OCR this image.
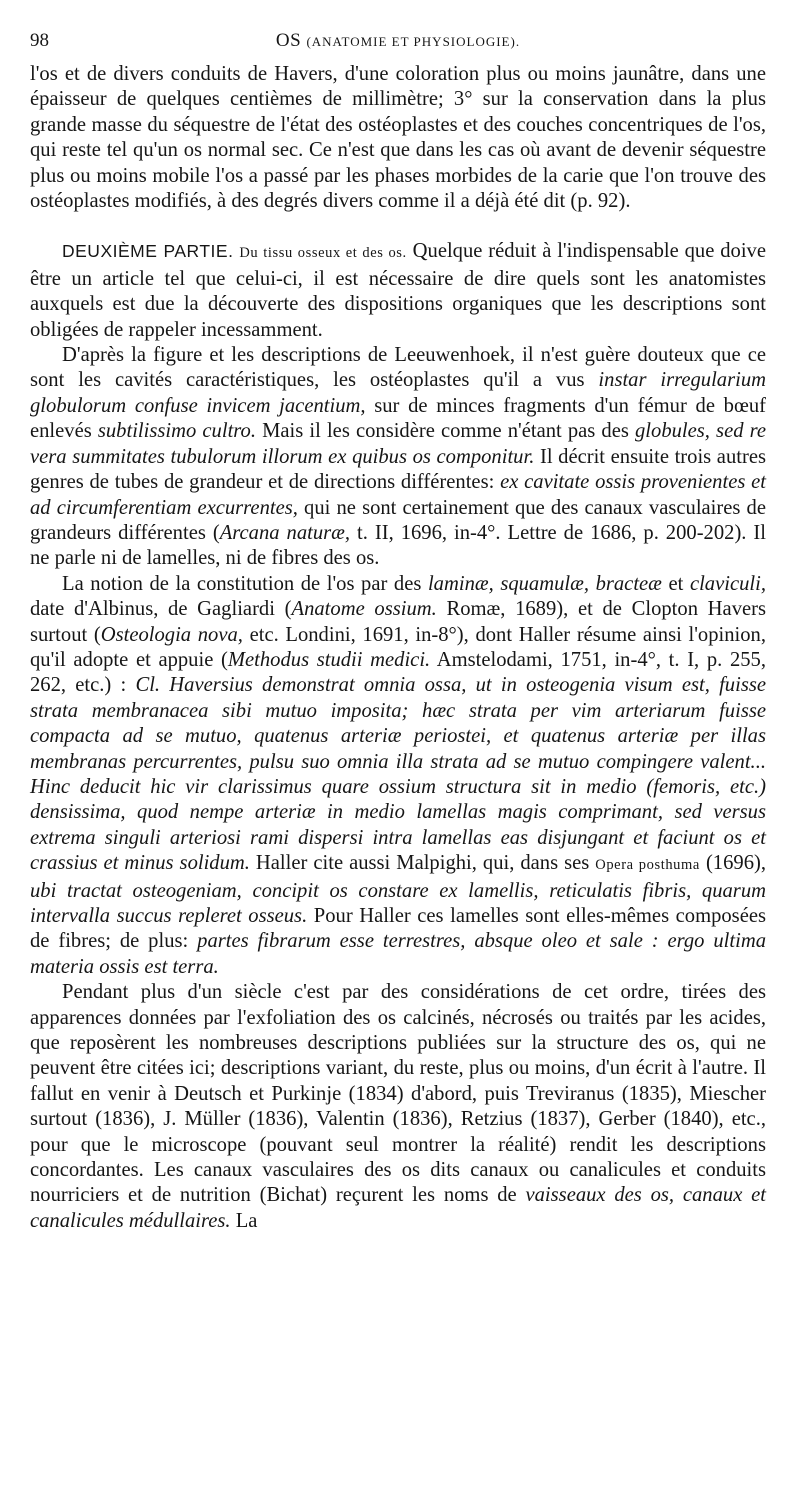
98	OS (ANATOMIE ET PHYSIOLOGIE).

l'os et de divers conduits de Havers, d'une coloration plus ou moins jaunâtre, dans une épaisseur de quelques centièmes de millimètre; 3° sur la conservation dans la plus grande masse du séquestre de l'état des ostéoplastes et des couches concentriques de l'os, qui reste tel qu'un os normal sec. Ce n'est que dans les cas où avant de devenir séquestre plus ou moins mobile l'os a passé par les phases morbides de la carie que l'on trouve des ostéoplastes modifiés, à des degrés divers comme il a déjà été dit (p. 92).

DEUXIÈME PARTIE. Du tissu osseux et des os. Quelque réduit à l'indispensable que doive être un article tel que celui-ci, il est nécessaire de dire quels sont les anatomistes auxquels est due la découverte des dispositions organiques que les descriptions sont obligées de rappeler incessamment.

D'après la figure et les descriptions de Leeuwenhoek, il n'est guère douteux que ce sont les cavités caractéristiques, les ostéoplastes qu'il a vus instar irregularium globulorum confuse invicem jacentium, sur de minces fragments d'un fémur de bœuf enlevés subtilissimo cultro. Mais il les considère comme n'étant pas des globules, sed re vera summitates tubulorum illorum ex quibus os componitur. Il décrit ensuite trois autres genres de tubes de grandeur et de directions différentes: ex cavitate ossis provenientes et ad circumferentiam excurrentes, qui ne sont certainement que des canaux vasculaires de grandeurs différentes (Arcana naturæ, t. II, 1696, in-4°. Lettre de 1686, p. 200-202). Il ne parle ni de lamelles, ni de fibres des os.

La notion de la constitution de l'os par des laminæ, squamulæ, bracteæ et claviculi, date d'Albinus, de Gagliardi (Anatome ossium. Romæ, 1689), et de Clopton Havers surtout (Osteologia nova, etc. Londini, 1691, in-8°), dont Haller résume ainsi l'opinion, qu'il adopte et appuie (Methodus studii medici. Amstelodami, 1751, in-4°, t. I, p. 255, 262, etc.) : Cl. Haversius demonstrat omnia ossa, ut in osteogenia visum est, fuisse strata membranacea sibi mutuo imposita; hæc strata per vim arteriarum fuisse compacta ad se mutuo, quatenus arteriæ periostei, et quatenus arteriæ per illas membranas percurrentes, pulsu suo omnia illa strata ad se mutuo compingere valent... Hinc deducit hic vir clarissimus quare ossium structura sit in medio (femoris, etc.) densissima, quod nempe arteriæ in medio lamellas magis comprimant, sed versus extrema singuli arteriosi rami dispersi intra lamellas eas disjungant et faciunt os et crassius et minus solidum. Haller cite aussi Malpighi, qui, dans ses Opera posthuma (1696), ubi tractat osteogeniam, concipit os constare ex lamellis, reticulatis fibris, quarum intervalla succus repleret osseus. Pour Haller ces lamelles sont elles-mêmes composées de fibres; de plus: partes fibrarum esse terrestres, absque oleo et sale : ergo ultima materia ossis est terra.

Pendant plus d'un siècle c'est par des considérations de cet ordre, tirées des apparences données par l'exfoliation des os calcinés, nécrosés ou traités par les acides, que reposèrent les nombreuses descriptions publiées sur la structure des os, qui ne peuvent être citées ici; descriptions variant, du reste, plus ou moins, d'un écrit à l'autre. Il fallut en venir à Deutsch et Purkinje (1834) d'abord, puis Treviranus (1835), Miescher surtout (1836), J. Müller (1836), Valentin (1836), Retzius (1837), Gerber (1840), etc., pour que le microscope (pouvant seul montrer la réalité) rendit les descriptions concordantes. Les canaux vasculaires des os dits canaux ou canalicules et conduits nourriciers et de nutrition (Bichat) reçurent les noms de vaisseaux des os, canaux et canalicules médullaires. La
